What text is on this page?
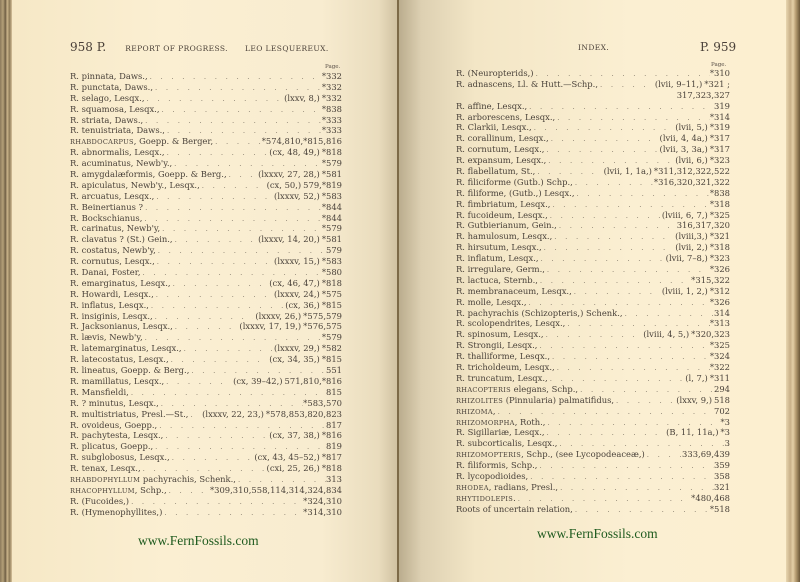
958 P.	REPORT OF PROGRESS. LEO LESQUEREUX.
Page.
INDEX.	P. 959
Page.
R. pinnata, Daws., . . .	*332
R. punctata, Daws., . . .	*332
R. selago, Lesqx., . . .	(lxxv, 8,) *332
R. squamosa, Lesqx., . . .	*838
R. striata, Daws., . . .	*333
R. tenuistriata, Daws., . . .	*333
RHABDOCARPUS, Goepp. & Berger, . . .	*574,810,*815,816
R. abnormalis, Lesqx., . . .	(cx, 48, 49,) *818
R. acuminatus, Newb'y., . . .	*579
R. amygdalæformis, Goepp. & Berg., . . .	(lxxxv, 27, 28,) *581
R. apiculatus, Newb'y., Lesqx., . . .	(cx, 50,) 579,*819
R. arcuatus, Lesqx., . . .	(lxxxv, 52,) *583
R. Beinertianus ? . . .	*844
R. Bockschianus, . . .	*844
R. carinatus, Newb'y, . . .	*579
R. clavatus ? (St.) Gein., . . .	(lxxxv, 14, 20,) *581
R. costatus, Newb'y, . . .	579
R. cornutus, Lesqx., . . .	(lxxxv, 15,) *583
R. Danai, Foster, . . .	*580
R. emarginatus, Lesqx., . . .	(cx, 46, 47,) *818
R. Howardi, Lesqx., . . .	(lxxxv, 24,) *575
R. inflatus, Lesqx., . . .	(cx, 36,) *815
R. insiginis, Lesqx., . . .	(lxxxv, 26,) *575,579
R. Jacksonianus, Lesqx., . . .	(lxxxv, 17, 19,) *576,575
R. lævis, Newb'y, . . .	*579
R. latemarginatus, Lesqx., . . .	(lxxxv, 29,) *582
R. latecostatus, Lesqx., . . .	(cx, 34, 35,) *815
R. lineatus, Goepp. & Berg., . . .	551
R. mamillatus, Lesqx., . . .	(cx, 39–42,) 571,810,*816
R. Mansfieldi, . . .	815
R. ? minutus, Lesqx., . . .	*583,570
R. multistriatus, Presl.—St., . . . (lxxxv, 22, 23,) *578,853,820,823
R. ovoideus, Goepp., . . .	817
R. pachytesta, Lesqx., . . .	(cx, 37, 38,) *816
R. plicatus, Goepp., . . .	819
R. subglobosus, Lesqx., . . .	(cx, 43, 45–52,) *817
R. tenax, Lesqx., . . .	(cxi, 25, 26,) *818
RHABDOPHYLLUM pachyrachis, Schenk., . . .	313
RHACOPHYLLUM, Schp., . . .	*309,310,558,114,314,324,834
R. (Fucoides,) . . .	*324,310
R. (Hymenophyllites,) . . .	*314,310
R. (Neuropterids,) . . .	*310
R. adnascens, Ll. & Hutt.—Schp., . . .	(lvii, 9–11,) *321 ;
317,323,327
R. affine, Lesqx., . . .	319
R. arborescens, Lesqx., . . .	*314
R. Clarkii, Lesqx., . . .	(lvii, 5,) *319
R. corallinum, Lesqx., . . .	(lvii, 4, 4a,) *317
R. cornutum, Lesqx., . . .	(lvii, 3, 3a,) *317
R. expansum, Lesqx., . . .	(lvii, 6,) *323
R. flabellatum, St., . . .	(lvii, 1, 1a,) *311,312,322,522
R. filiciforme (Gutb.) Schp., . . .	*316,320,321,322
R. filiforme, (Gutb.,) Lesqx., . . .	*838
R. fimbriatum, Lesqx., . . .	*318
R. fucoideum, Lesqx., . . .	(lviii, 6, 7,) *325
R. Gutbierianum, Gein., . . .	316,317,320
R. hamulosum, Lesqx., . . .	(lviii,3,) *321
R. hirsutum, Lesqx., . . .	(lvii, 2,) *318
R. inflatum, Lesqx., . . .	(lvii, 7–8,) *323
R. irregulare, Germ., . . .	*326
R. lactuca, Sternb., . . .	*315,322
R. membranaceum, Lesqx., . . .	(lviii, 1, 2,) *312
R. molle, Lesqx., . . .	*326
R. pachyrachis (Schizopteris,) Schenk., . . .	314
R. scolopendrites, Lesqx., . . .	*313
R. spinosum, Lesqx., . . .	(lviii, 4, 5,) *320,323
R. Strongii, Lesqx., . . .	*325
R. thalliforme, Lesqx., . . .	*324
R. tricholdeum, Lesqx., . . .	*322
R. truncatum, Lesqx., . . .	(l, 7,) *311
RHACOPTERIS elegans, Schp., . . .	294
RHIZOLITES (Pinnularia) palmatifidus, . . .	(lxxv, 9,) 518
RHIZOMA, . . .	702
RHIZOMORPHA, Roth., . . .	*3
R. Sigillariæ, Lesqx., . . .	(B, 11, 11a,) *3
R. subcorticalis, Lesqx., . . .	3
RHIZOMOPTERIS, Schp., (see Lycopodeaceæ,) . . .	333,69,439
R. filiformis, Schp., . . .	359
R. lycopodioides, . . .	358
RHODEA, radians, Presl., . . .	321
RHYTIDOLEPIS. . . .	*480,468
Roots of uncertain relation, . . .	*518
www.FernFossils.com	www.FernFossils.com
